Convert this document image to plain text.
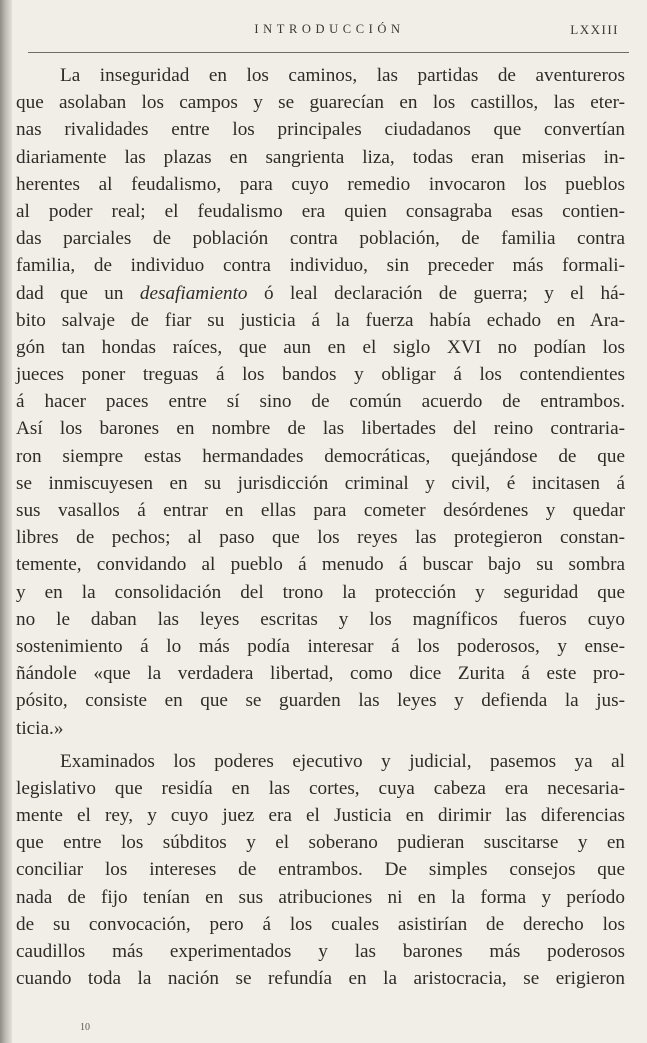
INTRODUCCIÓN	LXXIII
La inseguridad en los caminos, las partidas de aventureros
que asolaban los campos y se guarecían en los castillos, las eter-
nas rivalidades entre los principales ciudadanos que convertían
diariamente las plazas en sangrienta liza, todas eran miserias in-
herentes al feudalismo, para cuyo remedio invocaron los pueblos
al poder real; el feudalismo era quien consagraba esas contien-
das parciales de población contra población, de familia contra
familia, de individuo contra individuo, sin preceder más formali-
dad que un desafiamiento ó leal declaración de guerra; y el há-
bito salvaje de fiar su justicia á la fuerza había echado en Ara-
gón tan hondas raíces, que aun en el siglo XVI no podían los
jueces poner treguas á los bandos y obligar á los contendientes
á hacer paces entre sí sino de común acuerdo de entrambos.
Así los barones en nombre de las libertades del reino contraria-
ron siempre estas hermandades democráticas, quejándose de que
se inmiscuyesen en su jurisdicción criminal y civil, é incitasen á
sus vasallos á entrar en ellas para cometer desórdenes y quedar
libres de pechos; al paso que los reyes las protegieron constan-
temente, convidando al pueblo á menudo á buscar bajo su sombra
y en la consolidación del trono la protección y seguridad que
no le daban las leyes escritas y los magníficos fueros cuyo
sostenimiento á lo más podía interesar á los poderosos, y ense-
ñándole «que la verdadera libertad, como dice Zurita á este pro-
pósito, consiste en que se guarden las leyes y defienda la jus-
ticia.»
Examinados los poderes ejecutivo y judicial, pasemos ya al
legislativo que residía en las cortes, cuya cabeza era necesaria-
mente el rey, y cuyo juez era el Justicia en dirimir las diferencias
que entre los súbditos y el soberano pudieran suscitarse y en
conciliar los intereses de entrambos. De simples consejos que
nada de fijo tenían en sus atribuciones ni en la forma y período
de su convocación, pero á los cuales asistirían de derecho los
caudillos más experimentados y las barones más poderosos
cuando toda la nación se refundía en la aristocracia, se erigieron
10
